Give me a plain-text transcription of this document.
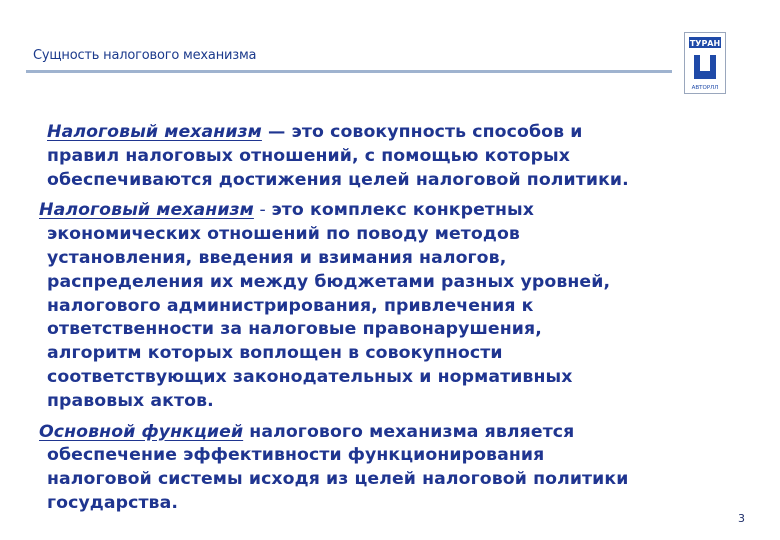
Сущность налогового механизма
ТУРАН
АВТОРЛЛ

Налоговый механизм — это совокупность способов и
правил налоговых отношений, с помощью которых
обеспечиваются достижения целей налоговой политики.

Налоговый механизм - это комплекс конкретных
экономических отношений по поводу методов
установления, введения и взимания налогов,
распределения их между бюджетами разных уровней,
налогового администрирования, привлечения к
ответственности за налоговые правонарушения,
алгоритм которых воплощен в совокупности
соответствующих законодательных и нормативных
правовых актов.

Основной функцией налогового механизма является
обеспечение эффективности функционирования
налоговой системы исходя из целей налоговой политики
государства.

3
